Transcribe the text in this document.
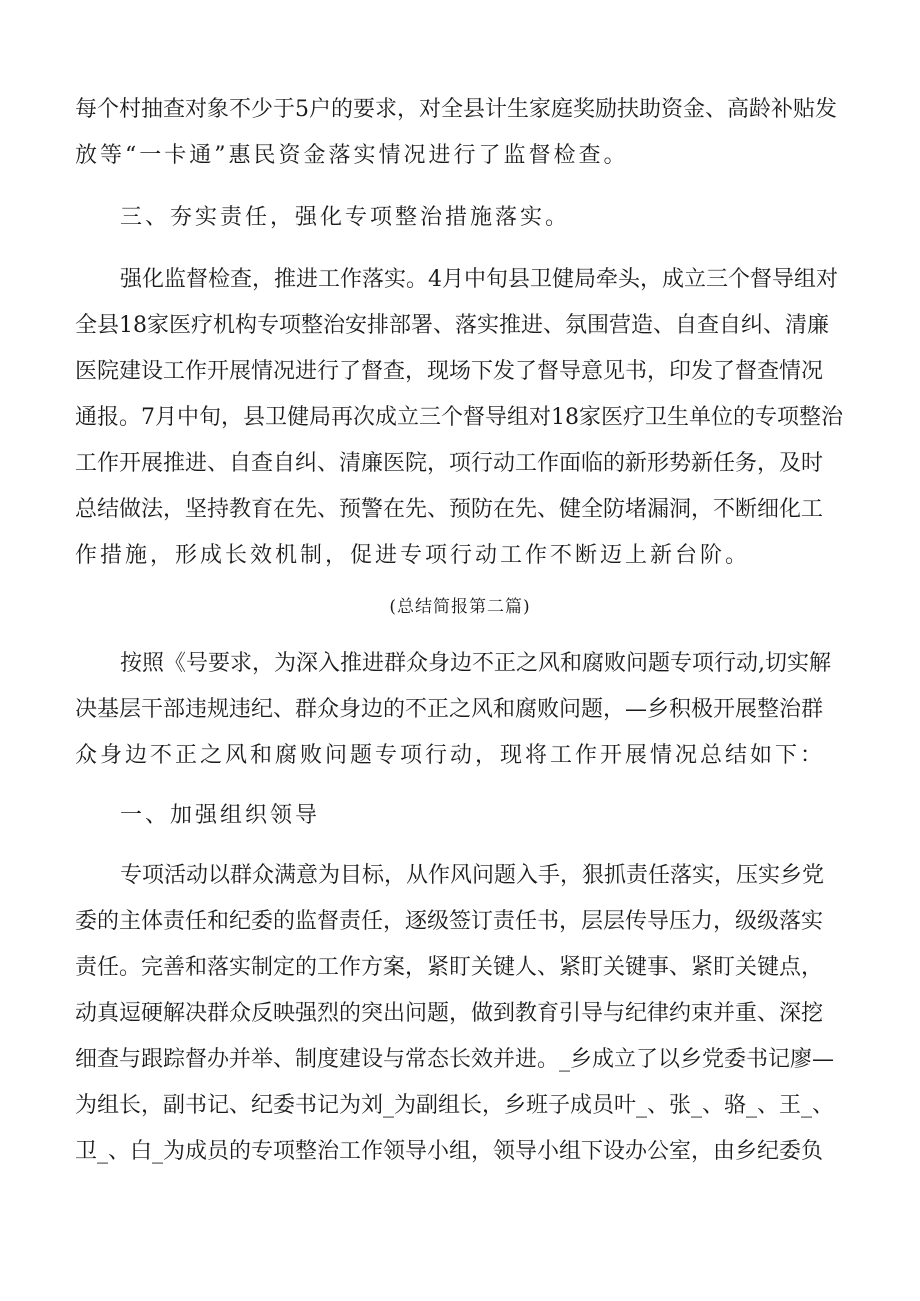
每个村抽查对象不少于5户的要求，对全县计生家庭奖励扶助资金、高龄补贴发
放等“一卡通”惠民资金落实情况进行了监督检查。
三、夯实责任，强化专项整治措施落实。
强化监督检查，推进工作落实。4月中旬县卫健局牵头，成立三个督导组对
全县18家医疗机构专项整治安排部署、落实推进、氛围营造、自查自纠、清廉
医院建设工作开展情况进行了督查，现场下发了督导意见书，印发了督查情况
通报。7月中旬，县卫健局再次成立三个督导组对18家医疗卫生单位的专项整治
工作开展推进、自查自纠、清廉医院，项行动工作面临的新形势新任务，及时
总结做法，坚持教育在先、预警在先、预防在先、健全防堵漏洞，不断细化工
作措施，形成长效机制，促进专项行动工作不断迈上新台阶。
(总结简报第二篇)
按照《号要求，为深入推进群众身边不正之风和腐败问题专项行动,切实解
决基层干部违规违纪、群众身边的不正之风和腐败问题，—乡积极开展整治群
众身边不正之风和腐败问题专项行动，现将工作开展情况总结如下：
一、加强组织领导
专项活动以群众满意为目标，从作风问题入手，狠抓责任落实，压实乡党
委的主体责任和纪委的监督责任，逐级签订责任书，层层传导压力，级级落实
责任。完善和落实制定的工作方案，紧盯关键人、紧盯关键事、紧盯关键点，
动真逗硬解决群众反映强烈的突出问题，做到教育引导与纪律约束并重、深挖
细查与跟踪督办并举、制度建设与常态长效并进。_乡成立了以乡党委书记廖—
为组长，副书记、纪委书记为刘_为副组长，乡班子成员叶_、张_、骆_、王_、
卫_、白_为成员的专项整治工作领导小组，领导小组下设办公室，由乡纪委负
